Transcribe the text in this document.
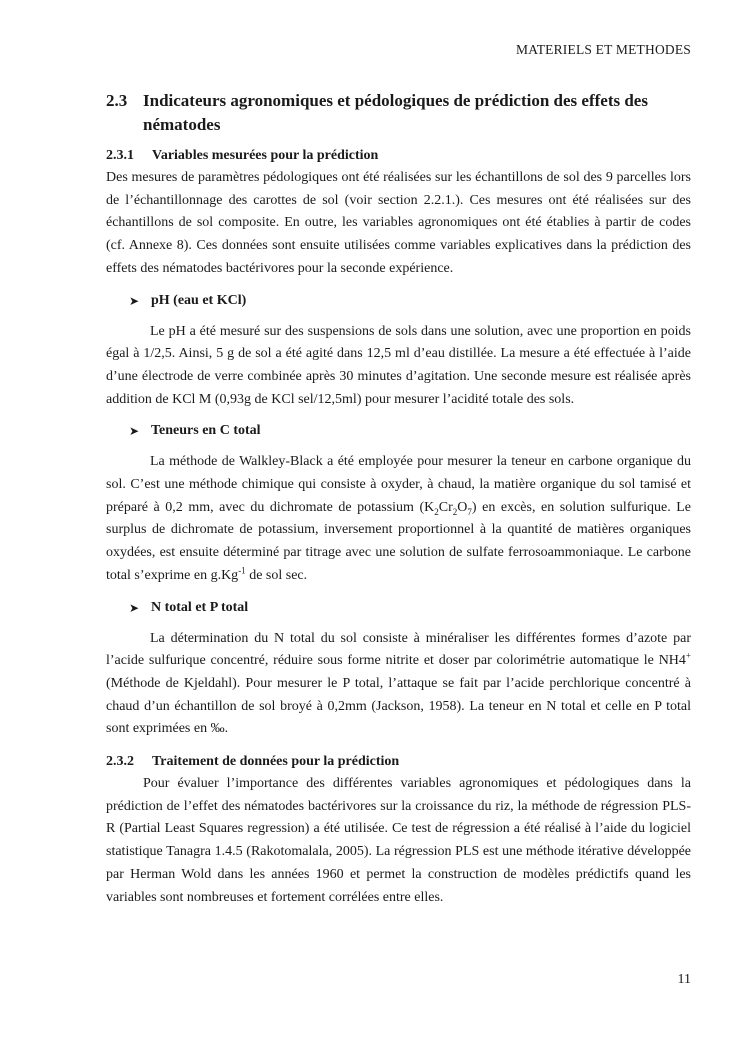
MATERIELS ET METHODES
2.3 Indicateurs agronomiques et pédologiques de prédiction des effets des nématodes
2.3.1	Variables mesurées pour la prédiction

Des mesures de paramètres pédologiques ont été réalisées sur les échantillons de sol des 9 parcelles lors de l’échantillonnage des carottes de sol (voir section 2.2.1.). Ces mesures ont été réalisées sur des échantillons de sol composite. En outre, les variables agronomiques ont été établies à partir de codes (cf. Annexe 8). Ces données sont ensuite utilisées comme variables explicatives dans la prédiction des effets des nématodes bactérivores pour la seconde expérience.

➤ pH (eau et KCl)

Le pH a été mesuré sur des suspensions de sols dans une solution, avec une proportion en poids égal à 1/2,5. Ainsi, 5 g de sol a été agité dans 12,5 ml d’eau distillée. La mesure a été effectuée à l’aide d’une électrode de verre combinée après 30 minutes d’agitation. Une seconde mesure est réalisée après addition de KCl M (0,93g de KCl sel/12,5ml) pour mesurer l’acidité totale des sols.

➤ Teneurs en C total

La méthode de Walkley-Black a été employée pour mesurer la teneur en carbone organique du sol. C’est une méthode chimique qui consiste à oxyder, à chaud, la matière organique du sol tamisé et préparé à 0,2 mm, avec du dichromate de potassium $(K_2Cr_2O_7)$ en excès, en solution sulfurique. Le surplus de dichromate de potassium, inversement proportionnel à la quantité de matières organiques oxydées, est ensuite déterminé par titrage avec une solution de sulfate ferrosoammoniaque. Le carbone total s’exprime en $g.Kg^{-1}$ de sol sec.

➤ N total et P total

La détermination du N total du sol consiste à minéraliser les différentes formes d’azote par l’acide sulfurique concentré, réduire sous forme nitrite et doser par colorimétrie automatique le NH4+ (Méthode de Kjeldahl). Pour mesurer le P total, l’attaque se fait par l’acide perchlorique concentré à chaud d’un échantillon de sol broyé à 0,2mm (Jackson, 1958). La teneur en N total et celle en P total sont exprimées en ‰.

2.3.2	Traitement de données pour la prédiction

Pour évaluer l’importance des différentes variables agronomiques et pédologiques dans la prédiction de l’effet des nématodes bactérivores sur la croissance du riz, la méthode de régression PLS-R (Partial Least Squares regression) a été utilisée. Ce test de régression a été réalisé à l’aide du logiciel statistique Tanagra 1.4.5 (Rakotomalala, 2005). La régression PLS est une méthode itérative développée par Herman Wold dans les années 1960 et permet la construction de modèles prédictifs quand les variables sont nombreuses et fortement corrélées entre elles.

11
